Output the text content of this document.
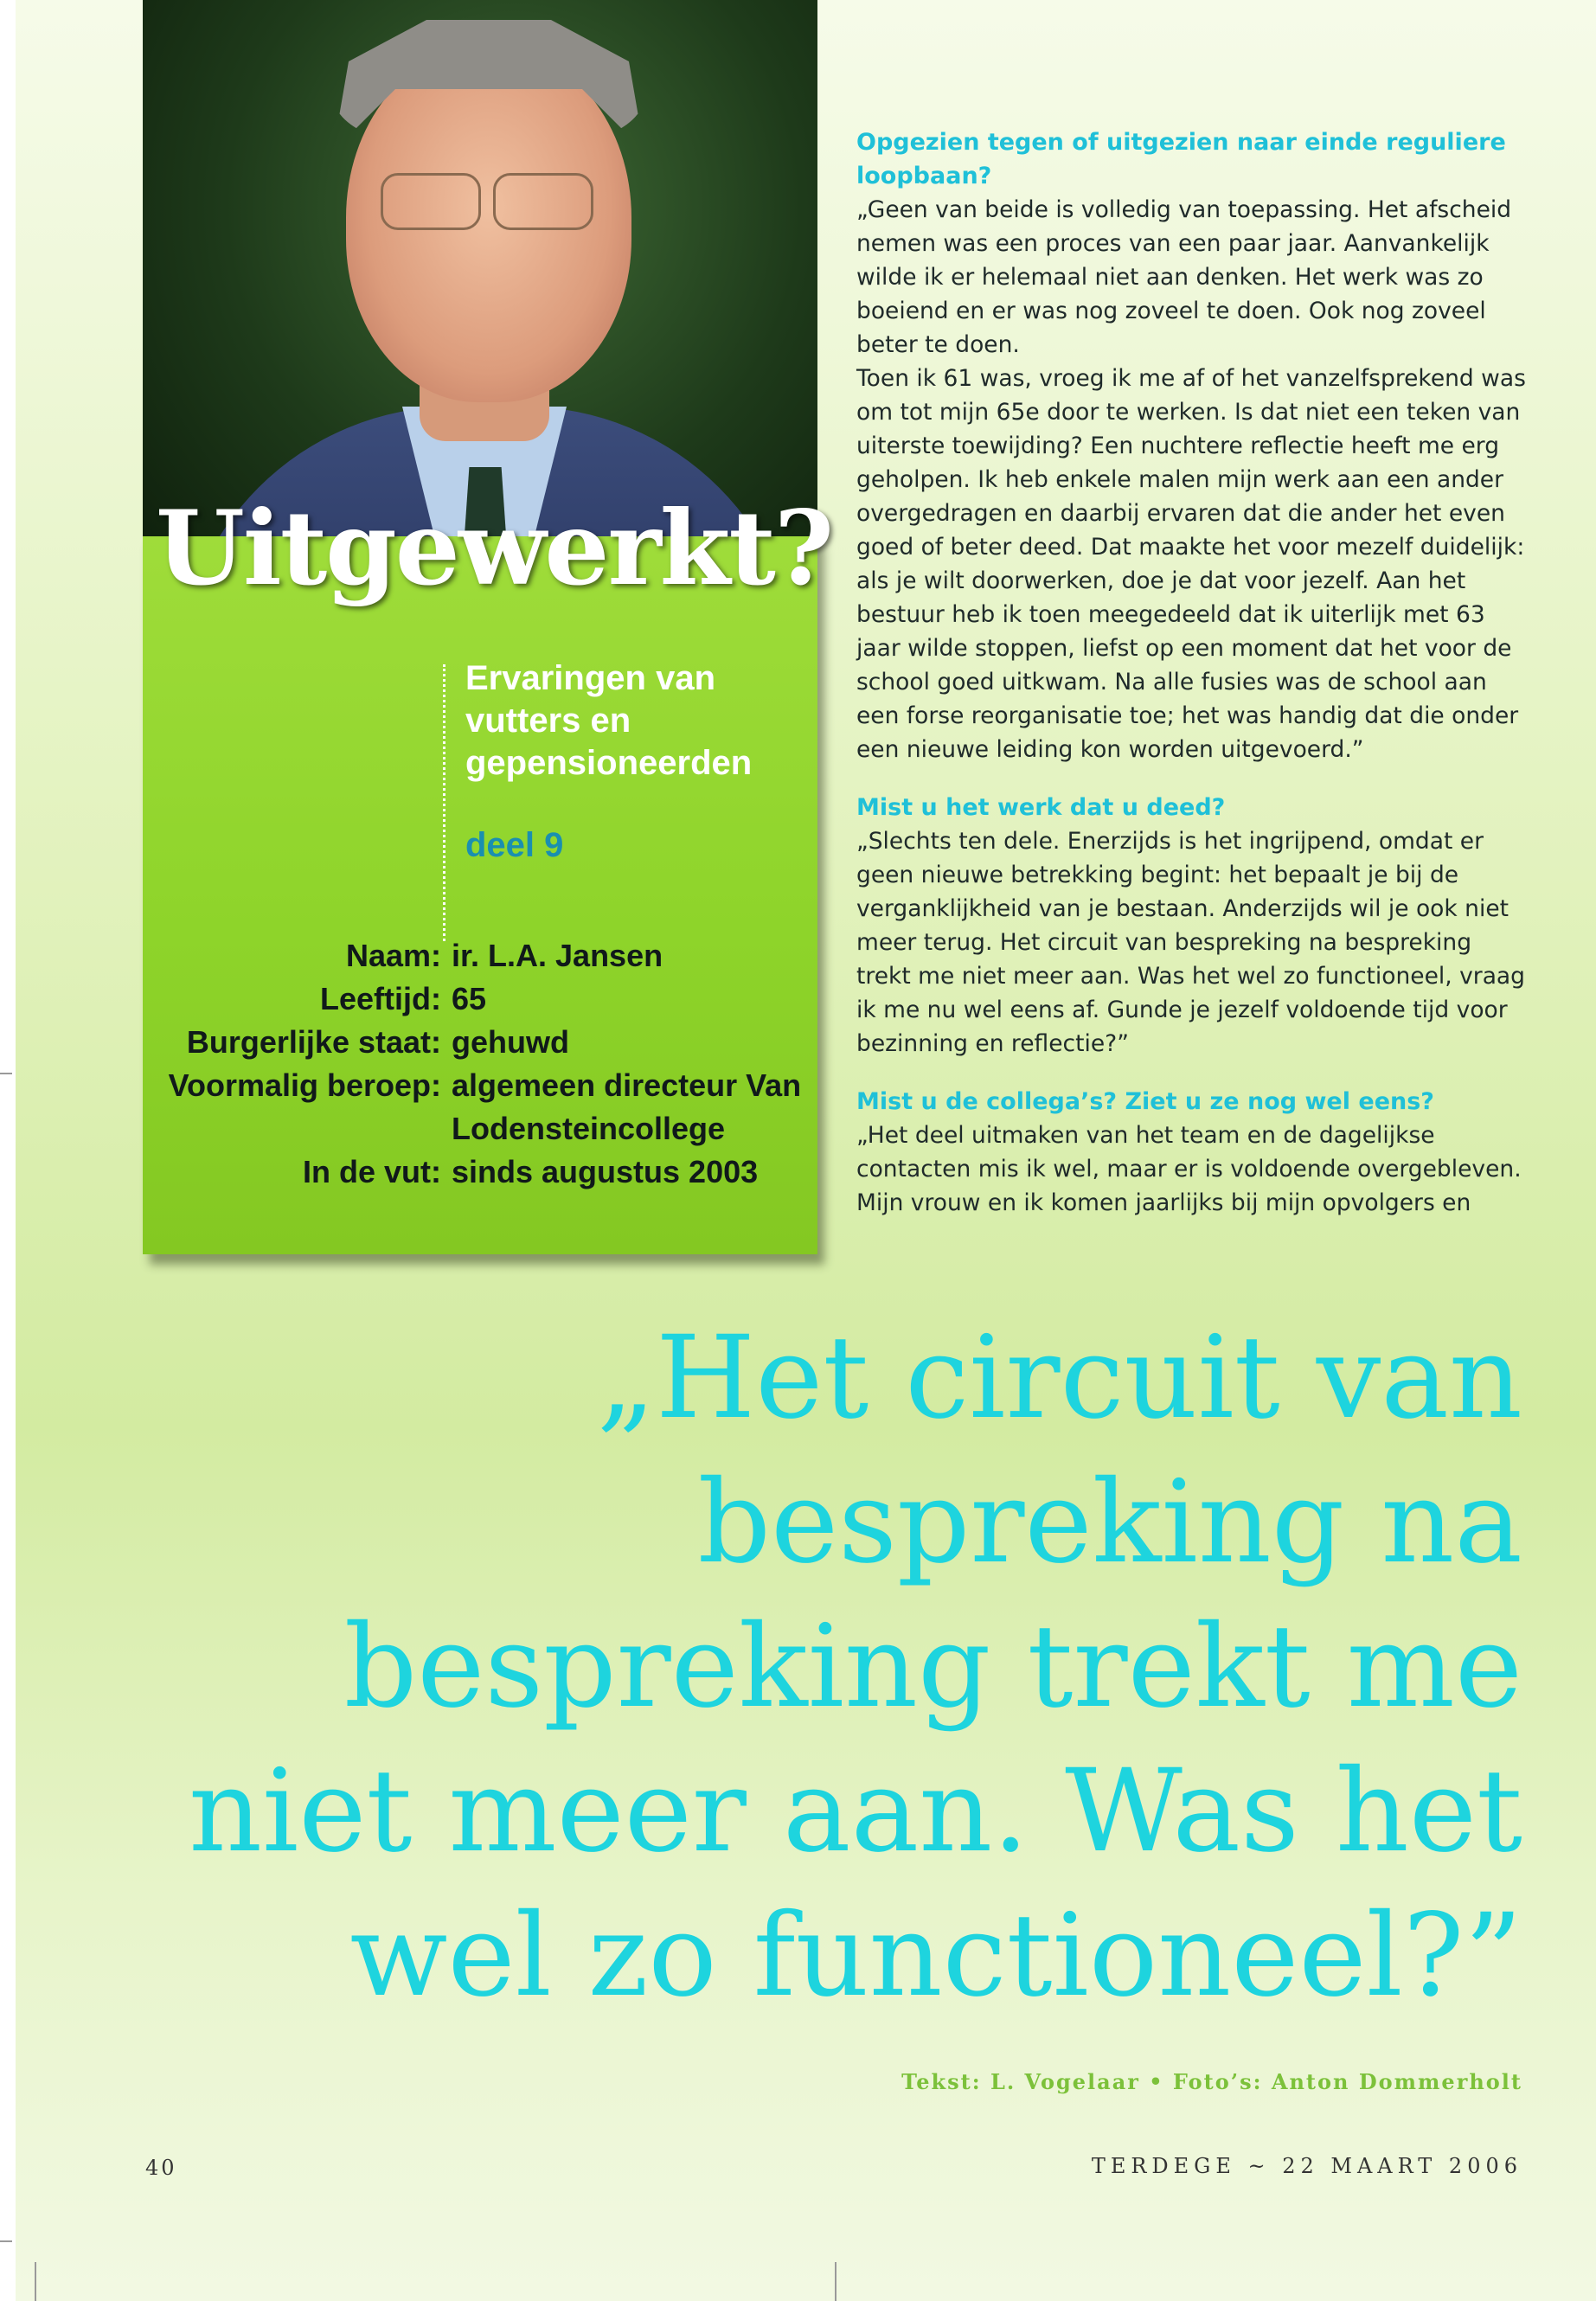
Uitgewerkt?
Ervaringen van vutters en gepensioneerden
deel 9
Naam: ir. L.A. Jansen
Leeftijd: 65
Burgerlijke staat: gehuwd
Voormalig beroep: algemeen directeur Van Lodensteincollege
In de vut: sinds augustus 2003

Opgezien tegen of uitgezien naar einde reguliere loopbaan?

„Geen van beide is volledig van toepassing. Het afscheid nemen was een proces van een paar jaar. Aanvankelijk wilde ik er helemaal niet aan denken. Het werk was zo boeiend en er was nog zoveel te doen. Ook nog zoveel beter te doen.

Toen ik 61 was, vroeg ik me af of het vanzelfsprekend was om tot mijn 65e door te werken. Is dat niet een teken van uiterste toewijding? Een nuchtere reflectie heeft me erg geholpen. Ik heb enkele malen mijn werk aan een ander overgedragen en daarbij ervaren dat die ander het even goed of beter deed. Dat maakte het voor mezelf duidelijk: als je wilt doorwerken, doe je dat voor jezelf. Aan het bestuur heb ik toen meegedeeld dat ik uiterlijk met 63 jaar wilde stoppen, liefst op een moment dat het voor de school goed uitkwam. Na alle fusies was de school aan een forse reorganisatie toe; het was handig dat die onder een nieuwe leiding kon worden uitgevoerd.”

Mist u het werk dat u deed?

„Slechts ten dele. Enerzijds is het ingrijpend, omdat er geen nieuwe betrekking begint: het bepaalt je bij de verganklijkheid van je bestaan. Anderzijds wil je ook niet meer terug. Het circuit van bespreking na bespreking trekt me niet meer aan. Was het wel zo functioneel, vraag ik me nu wel eens af. Gunde je jezelf voldoende tijd voor bezinning en reflectie?”

Mist u de collega’s? Ziet u ze nog wel eens?

„Het deel uitmaken van het team en de dagelijkse contacten mis ik wel, maar er is voldoende overgebleven. Mijn vrouw en ik komen jaarlijks bij mijn opvolgers en

„Het circuit van
bespreking na
bespreking trekt me
niet meer aan. Was het
wel zo functioneel?”
Tekst: L. Vogelaar • Foto’s: Anton Dommerholt
40	TERDEGE ~ 22 MAART 2006
